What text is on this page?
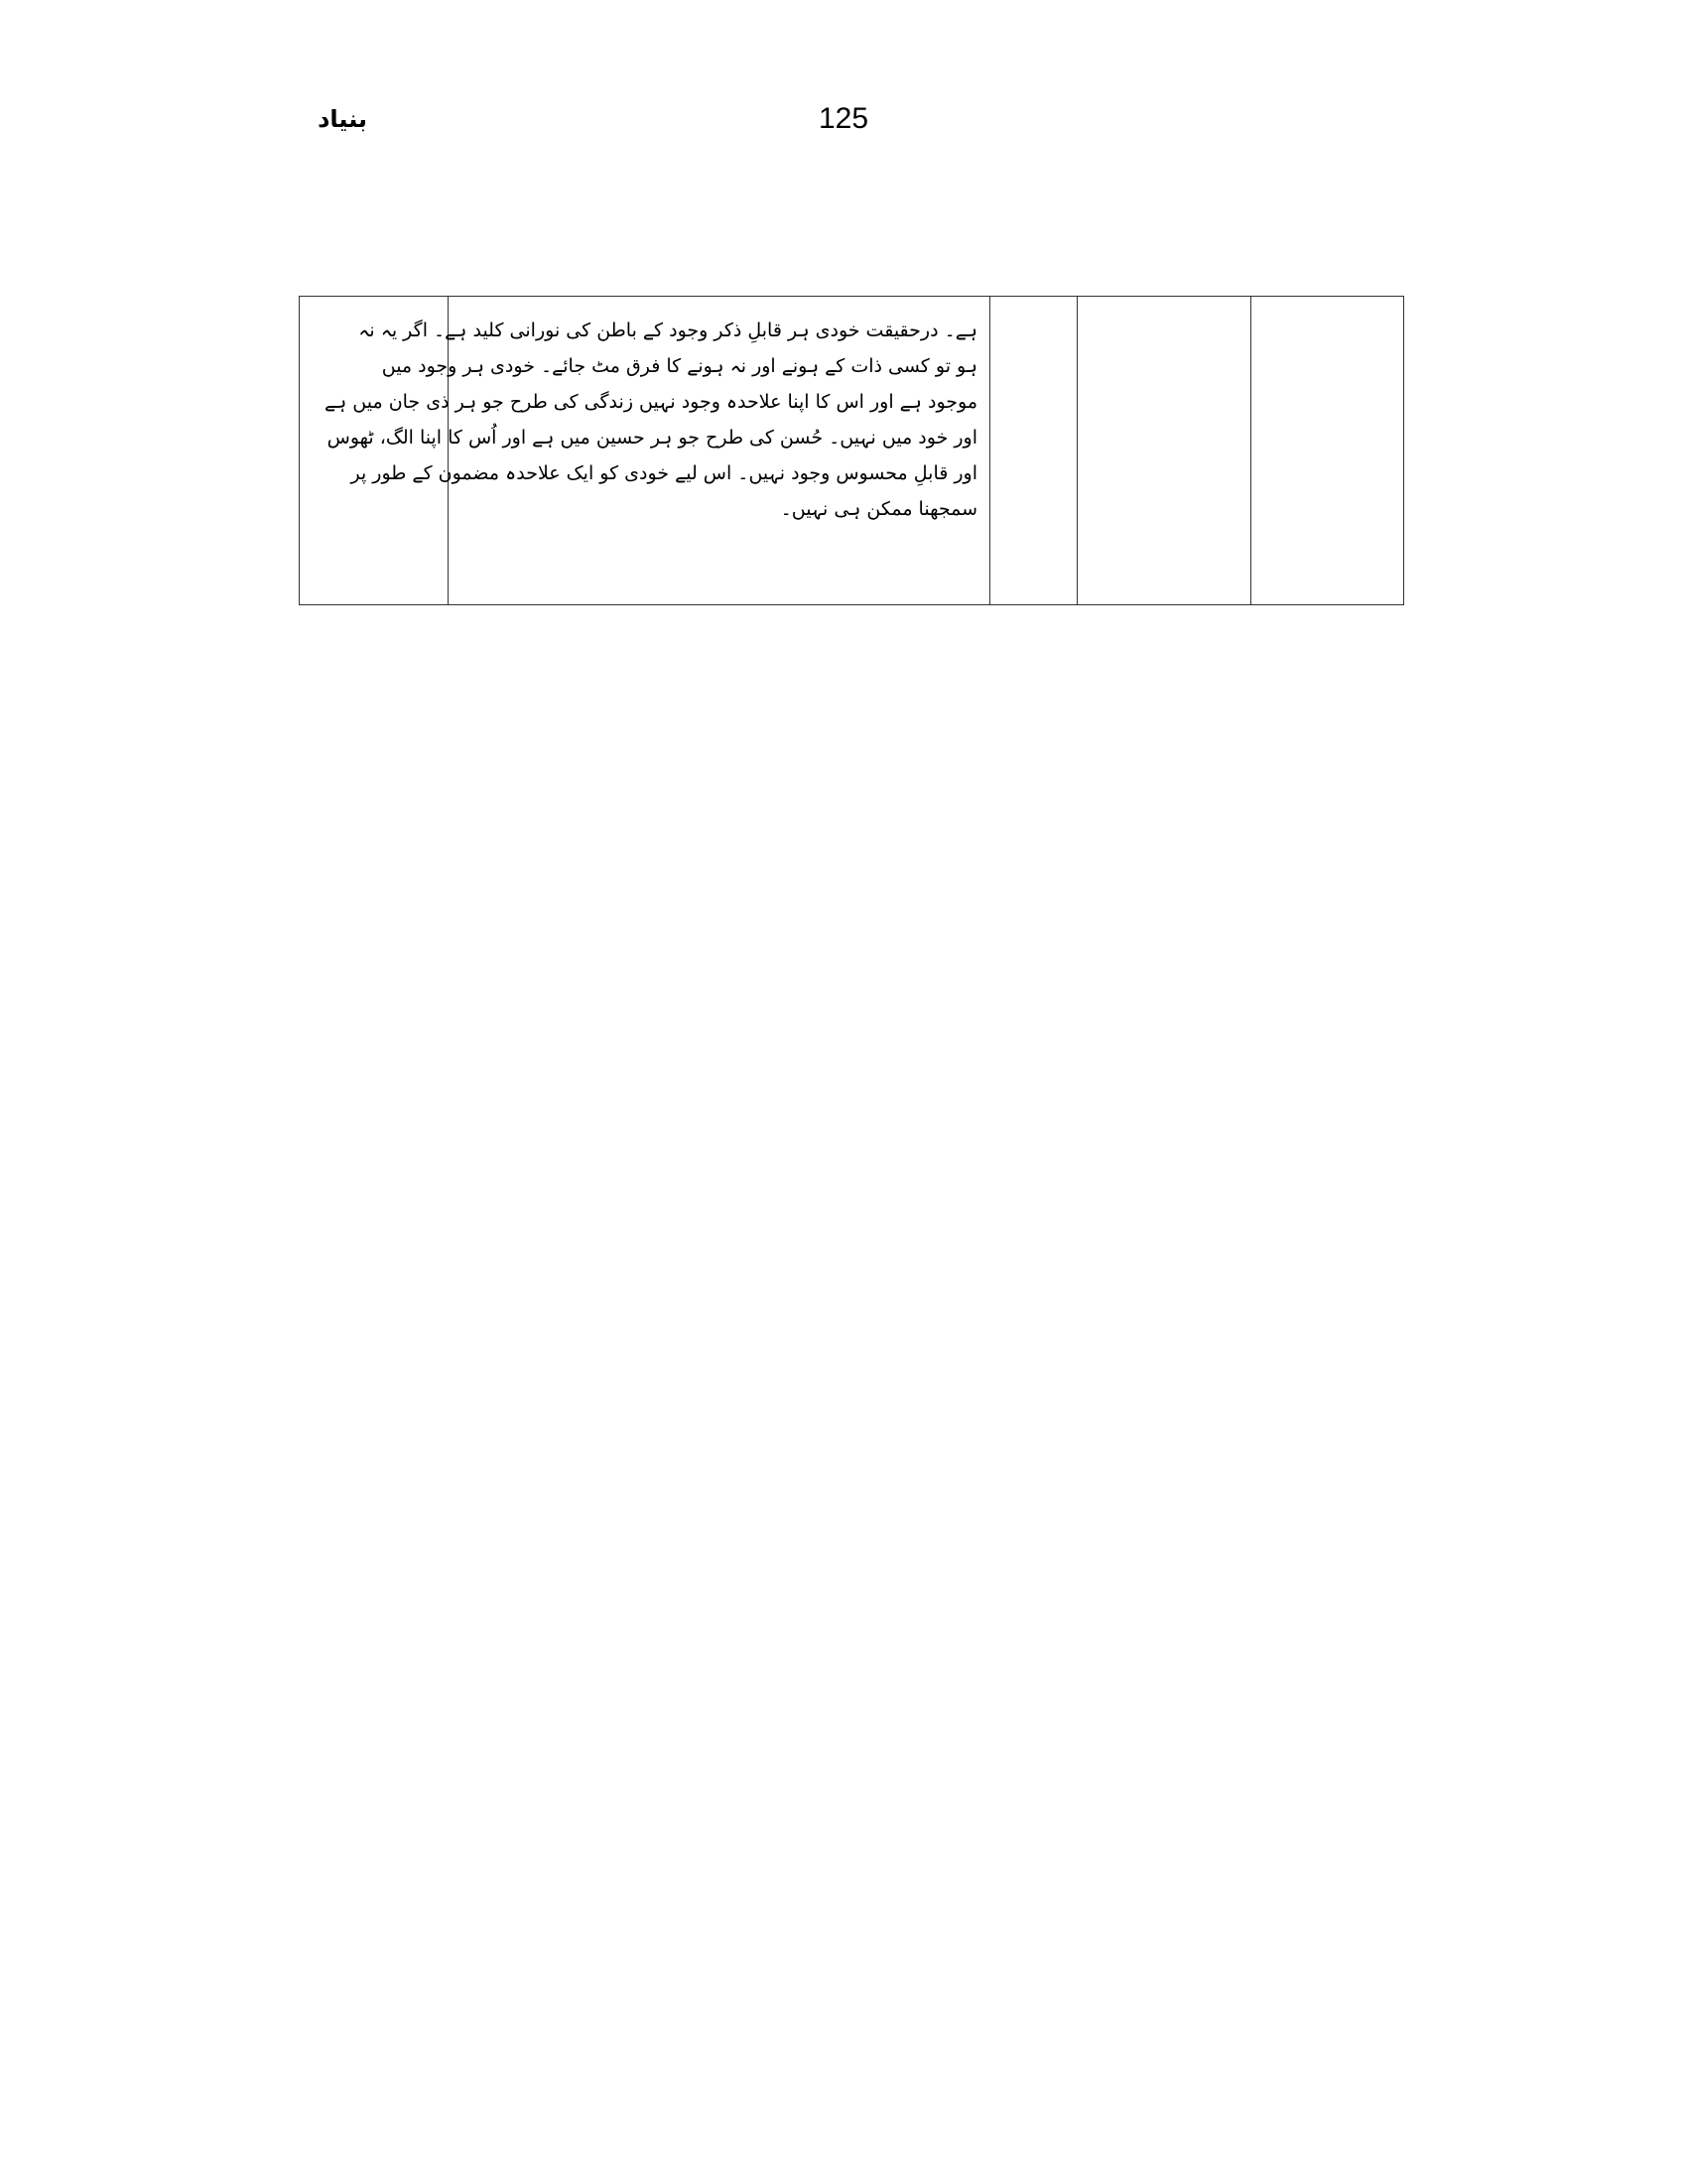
125
بنیاد

ہے۔ درحقیقت خودی ہر قابلِ ذکر وجود کے باطن کی نورانی کلید ہے۔ اگر یہ نہ
ہو تو کسی ذات کے ہونے اور نہ ہونے کا فرق مٹ جائے۔ خودی ہر وجود میں
موجود ہے اور اس کا اپنا علاحدہ وجود نہیں زندگی کی طرح جو ہر ذی جان میں ہے
اور خود میں نہیں۔ حُسن کی طرح جو ہر حسین میں ہے اور اُس کا اپنا الگ، ٹھوس
اور قابلِ محسوس وجود نہیں۔ اس لیے خودی کو ایک علاحدہ مضمون کے طور پر
سمجھنا ممکن ہی نہیں۔
